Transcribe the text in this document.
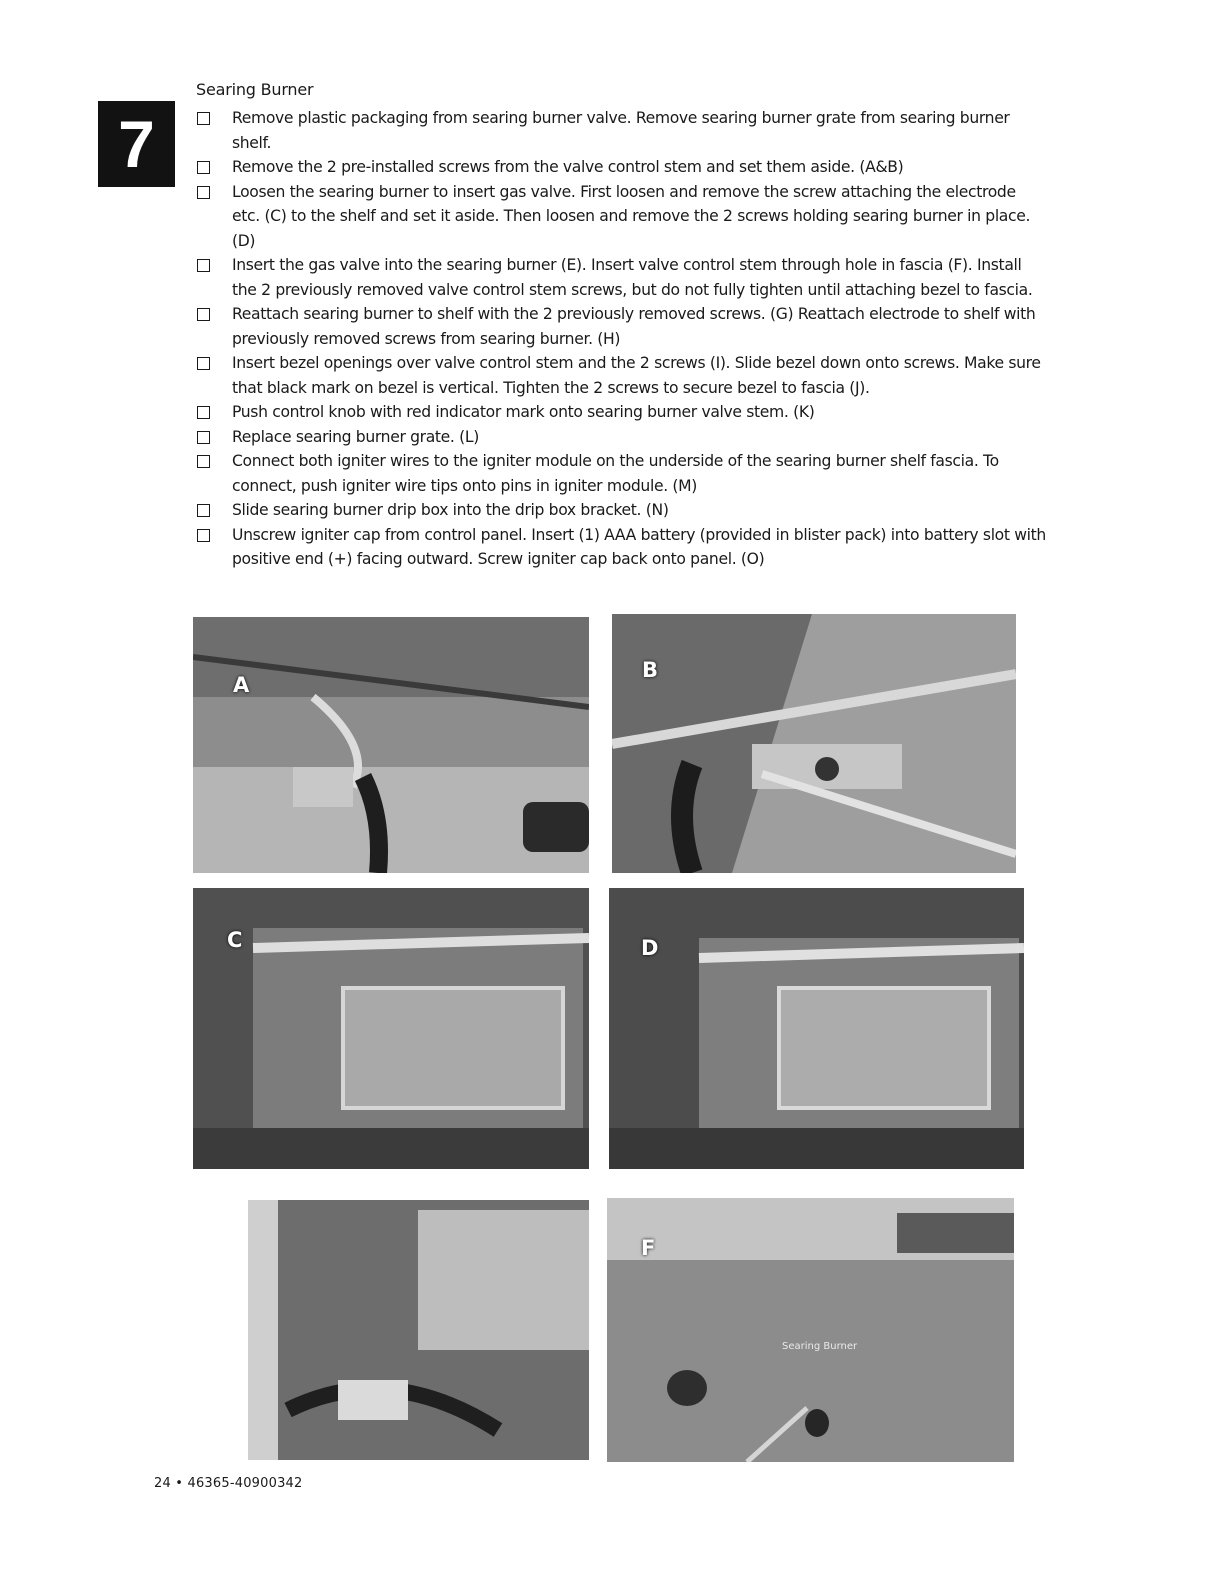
7
Searing Burner
Remove plastic packaging from searing burner valve. Remove searing burner grate from searing burner shelf.
Remove the 2 pre-installed screws from the valve control stem and set them aside. (A&B)
Loosen the searing burner to insert gas valve. First loosen and remove the screw attaching the electrode etc. (C) to the shelf and set it aside. Then loosen and remove the 2 screws holding searing burner in place. (D)
Insert the gas valve into the searing burner (E). Insert valve control stem through hole in fascia (F). Install the 2 previously removed valve control stem screws, but do not fully tighten until attaching bezel to fascia.
Reattach searing burner to shelf with the 2 previously removed screws. (G) Reattach electrode to shelf with previously removed screws from searing burner. (H)
Insert bezel openings over valve control stem and the 2 screws (I). Slide bezel down onto screws. Make sure that black mark on bezel is vertical. Tighten the 2 screws to secure bezel to fascia (J).
Push control knob with red indicator mark onto searing burner valve stem. (K)
Replace searing burner grate. (L)
Connect both igniter wires to the igniter module on the underside of the searing burner shelf fascia. To connect, push igniter wire tips onto pins in igniter module. (M)
Slide searing burner drip box into the drip box bracket. (N)
Unscrew igniter cap from control panel. Insert (1) AAA battery (provided in blister pack) into battery slot with positive end (+) facing outward. Screw igniter cap back onto panel. (O)
A
B
C	D
F
Searing Burner
24 • 46365-40900342
